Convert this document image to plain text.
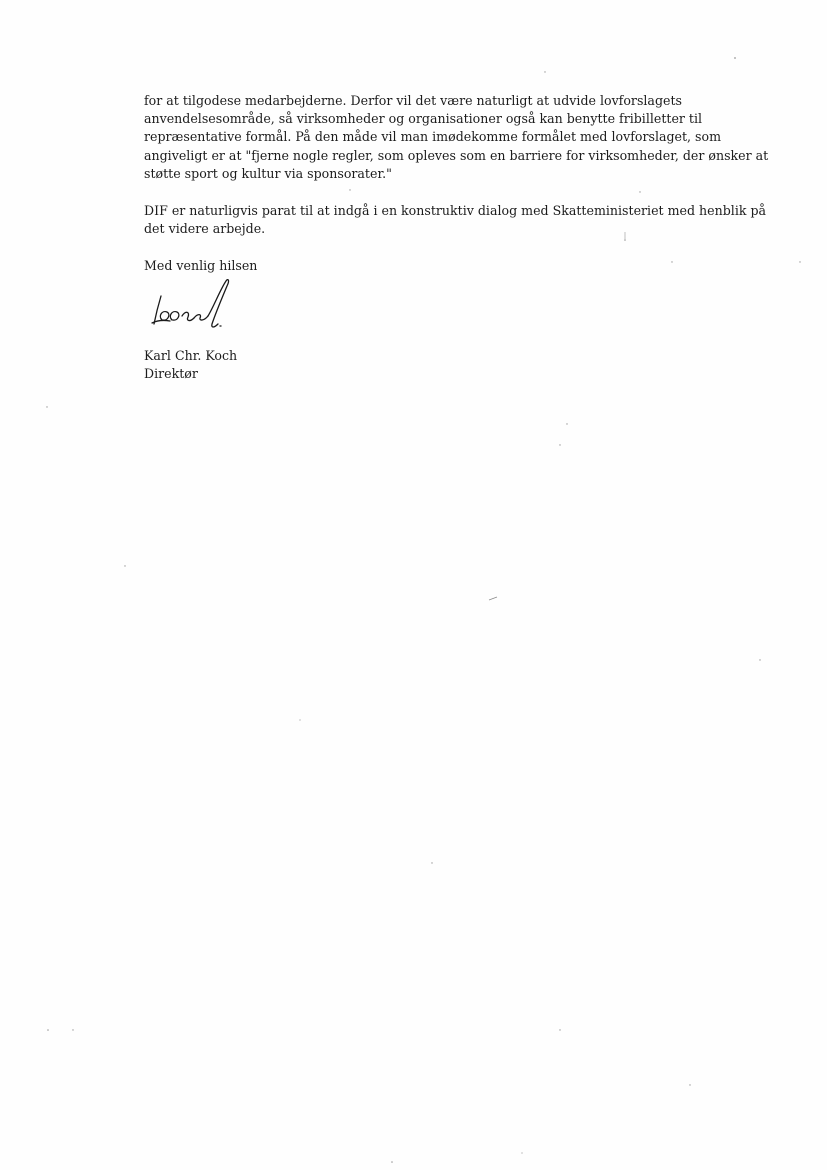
for at tilgodese medarbejderne. Derfor vil det være naturligt at udvide lovforslagets
anvendelsesområde, så virksomheder og organisationer også kan benytte fribilletter til
repræsentative formål. På den måde vil man imødekomme formålet med lovforslaget, som
angiveligt er at "fjerne nogle regler, som opleves som en barriere for virksomheder, der ønsker at
støtte sport og kultur via sponsorater."
DIF er naturligvis parat til at indgå i en konstruktiv dialog med Skatteministeriet med henblik på
det videre arbejde.
Med venlig hilsen
Karl Chr. Koch
Direktør
